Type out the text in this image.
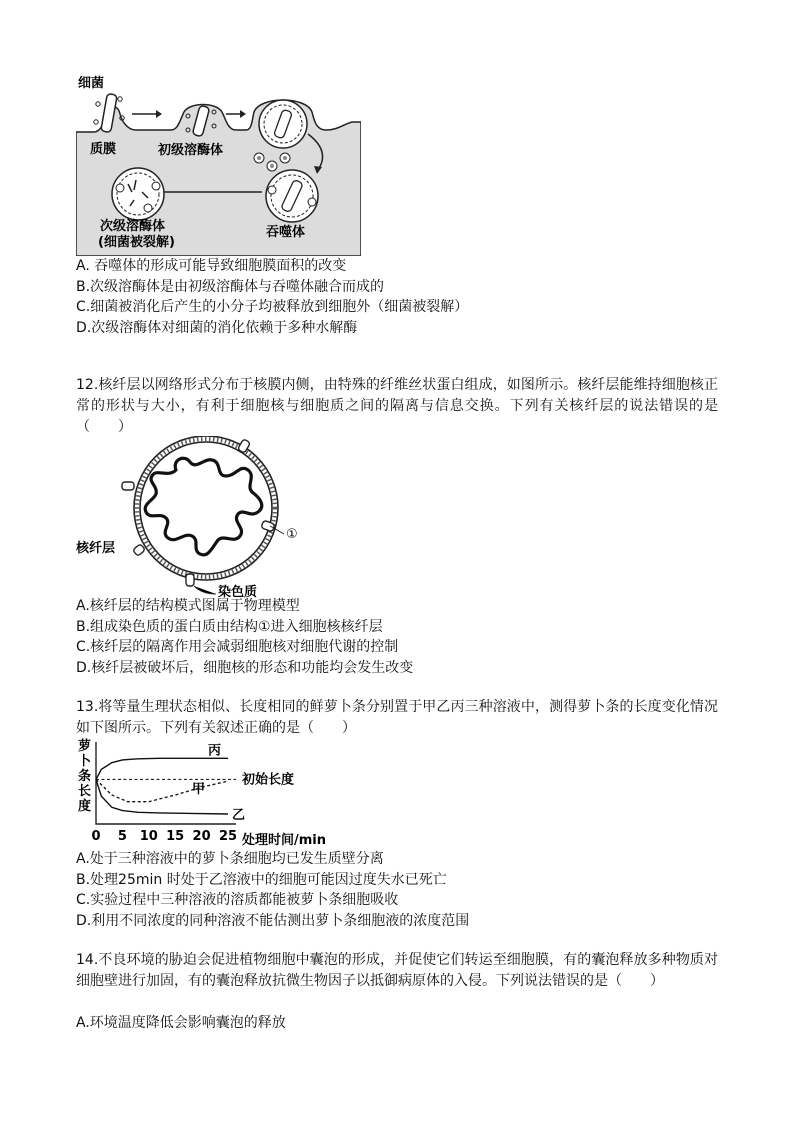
细菌
质膜	初级溶酶体
次级溶酶体
(细菌被裂解)
吞噬体
A. 吞噬体的形成可能导致细胞膜面积的改变
B.次级溶酶体是由初级溶酶体与吞噬体融合而成的
C.细菌被消化后产生的小分子均被释放到细胞外（细菌被裂解）
D.次级溶酶体对细菌的消化依赖于多种水解酶
12.核纤层以网络形式分布于核膜内侧，由特殊的纤维丝状蛋白组成，如图所示。核纤层能维持细胞核正常的形状与大小，有利于细胞核与细胞质之间的隔离与信息交换。下列有关核纤层的说法错误的是（　　）
①
核纤层
染色质
A.核纤层的结构模式图属于物理模型
B.组成染色质的蛋白质由结构①进入细胞核核纤层
C.核纤层的隔离作用会减弱细胞核对细胞代谢的控制
D.核纤层被破坏后，细胞核的形态和功能均会发生改变
13.将等量生理状态相似、长度相同的鲜萝卜条分别置于甲乙丙三种溶液中，测得萝卜条的长度变化情况如下图所示。下列有关叙述正确的是（　　）
萝
卜
条
长
度
初始长度
丙
甲
乙
0 5 10 15 20 25 处理时间/min
A.处于三种溶液中的萝卜条细胞均已发生质壁分离
B.处理25min 时处于乙溶液中的细胞可能因过度失水已死亡
C.实验过程中三种溶液的溶质都能被萝卜条细胞吸收
D.利用不同浓度的同种溶液不能估测出萝卜条细胞液的浓度范围
14.不良环境的胁迫会促进植物细胞中囊泡的形成，并促使它们转运至细胞膜，有的囊泡释放多种物质对细胞壁进行加固，有的囊泡释放抗微生物因子以抵御病原体的入侵。下列说法错误的是（　　）
A.环境温度降低会影响囊泡的释放
